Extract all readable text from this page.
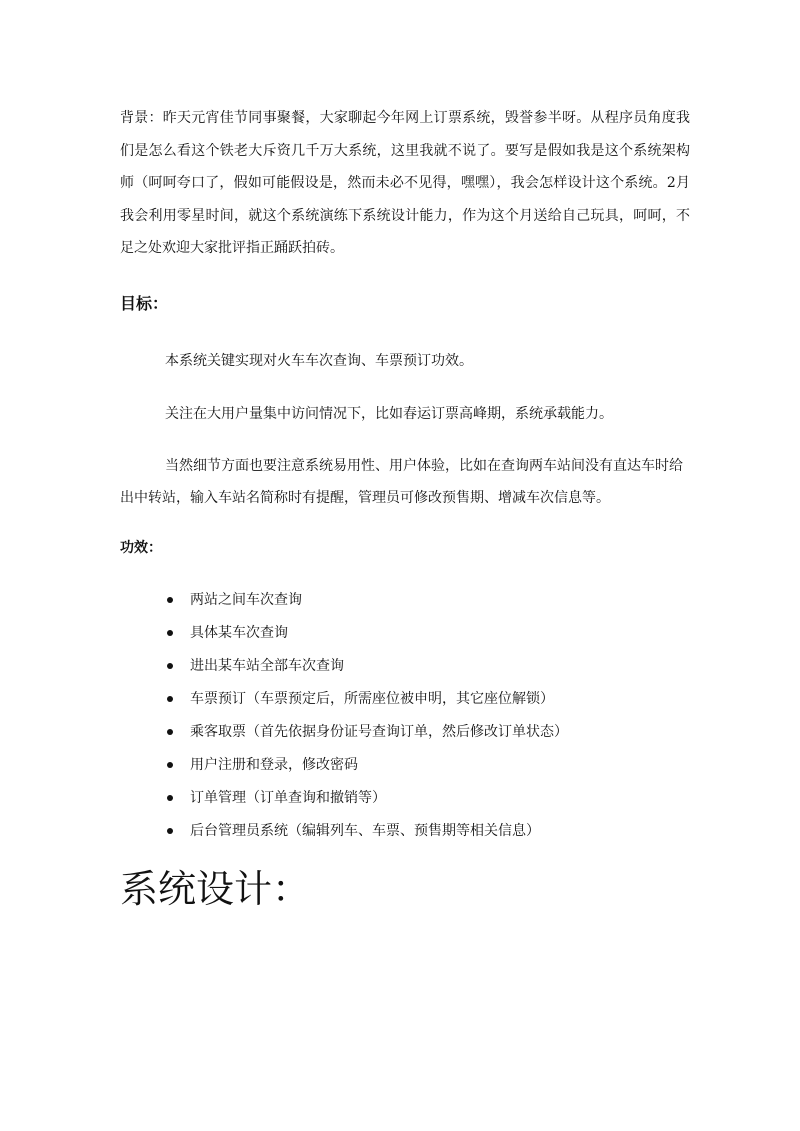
背景：昨天元宵佳节同事聚餐，大家聊起今年网上订票系统，毁誉参半呀。从程序员角度我们是怎么看这个铁老大斥资几千万大系统，这里我就不说了。要写是假如我是这个系统架构师（呵呵夸口了，假如可能假设是，然而未必不见得，嘿嘿），我会怎样设计这个系统。2月我会利用零星时间，就这个系统演练下系统设计能力，作为这个月送给自己玩具，呵呵，不足之处欢迎大家批评指正踊跃拍砖。

目标：

本系统关键实现对火车车次查询、车票预订功效。

关注在大用户量集中访问情况下，比如春运订票高峰期，系统承载能力。

当然细节方面也要注意系统易用性、用户体验，比如在查询两车站间没有直达车时给出中转站，输入车站名简称时有提醒，管理员可修改预售期、增减车次信息等。

功效：
两站之间车次查询
具体某车次查询
进出某车站全部车次查询
车票预订（车票预定后，所需座位被申明，其它座位解锁）
乘客取票（首先依据身份证号查询订单，然后修改订单状态）
用户注册和登录，修改密码
订单管理（订单查询和撤销等）
后台管理员系统（编辑列车、车票、预售期等相关信息）
系统设计：
